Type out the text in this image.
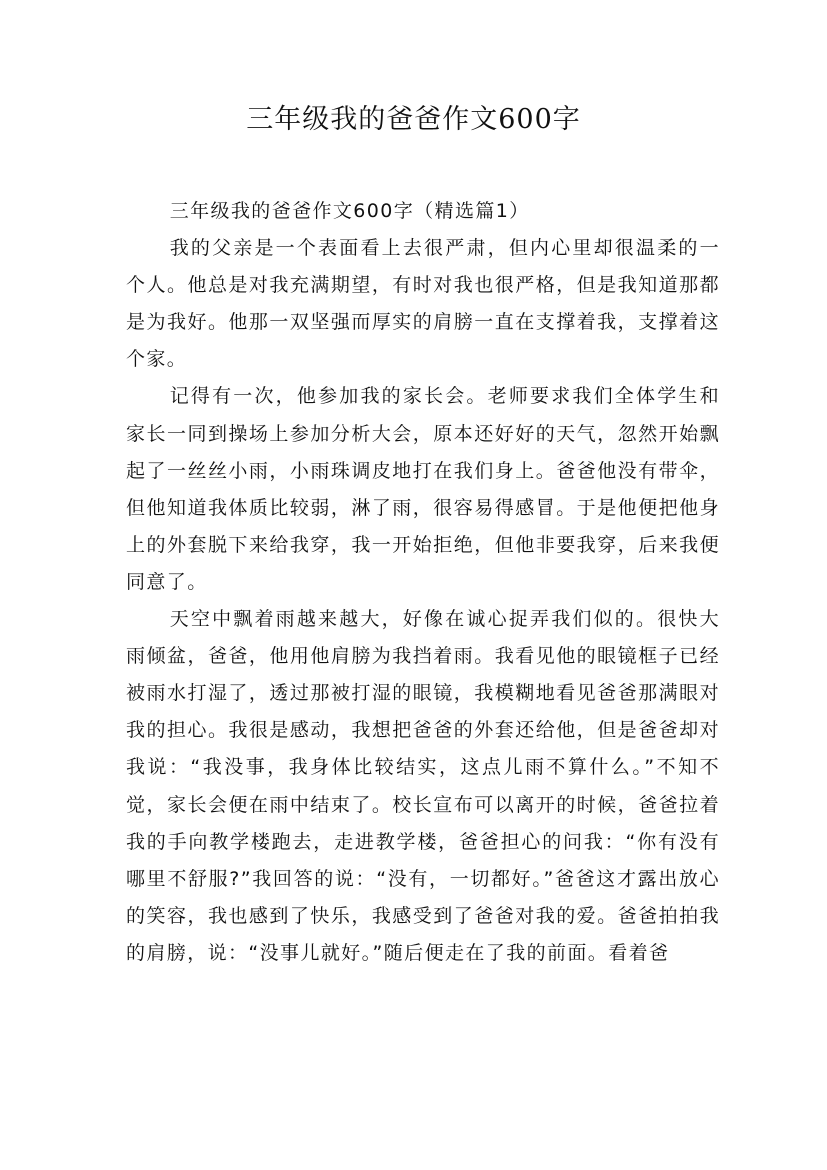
三年级我的爸爸作文600字

三年级我的爸爸作文600字（精选篇1）

我的父亲是一个表面看上去很严肃，但内心里却很温柔的一个人。他总是对我充满期望，有时对我也很严格，但是我知道那都是为我好。他那一双坚强而厚实的肩膀一直在支撑着我，支撑着这个家。

记得有一次，他参加我的家长会。老师要求我们全体学生和家长一同到操场上参加分析大会，原本还好好的天气，忽然开始飘起了一丝丝小雨，小雨珠调皮地打在我们身上。爸爸他没有带伞，但他知道我体质比较弱，淋了雨，很容易得感冒。于是他便把他身上的外套脱下来给我穿，我一开始拒绝，但他非要我穿，后来我便同意了。

天空中飘着雨越来越大，好像在诚心捉弄我们似的。很快大雨倾盆，爸爸，他用他肩膀为我挡着雨。我看见他的眼镜框子已经被雨水打湿了，透过那被打湿的眼镜，我模糊地看见爸爸那满眼对我的担心。我很是感动，我想把爸爸的外套还给他，但是爸爸却对我说：“我没事，我身体比较结实，这点儿雨不算什么。”不知不觉，家长会便在雨中结束了。校长宣布可以离开的时候，爸爸拉着我的手向教学楼跑去，走进教学楼，爸爸担心的问我：“你有没有哪里不舒服?”我回答的说：“没有，一切都好。”爸爸这才露出放心的笑容，我也感到了快乐，我感受到了爸爸对我的爱。爸爸拍拍我的肩膀，说：“没事儿就好。”随后便走在了我的前面。看着爸
